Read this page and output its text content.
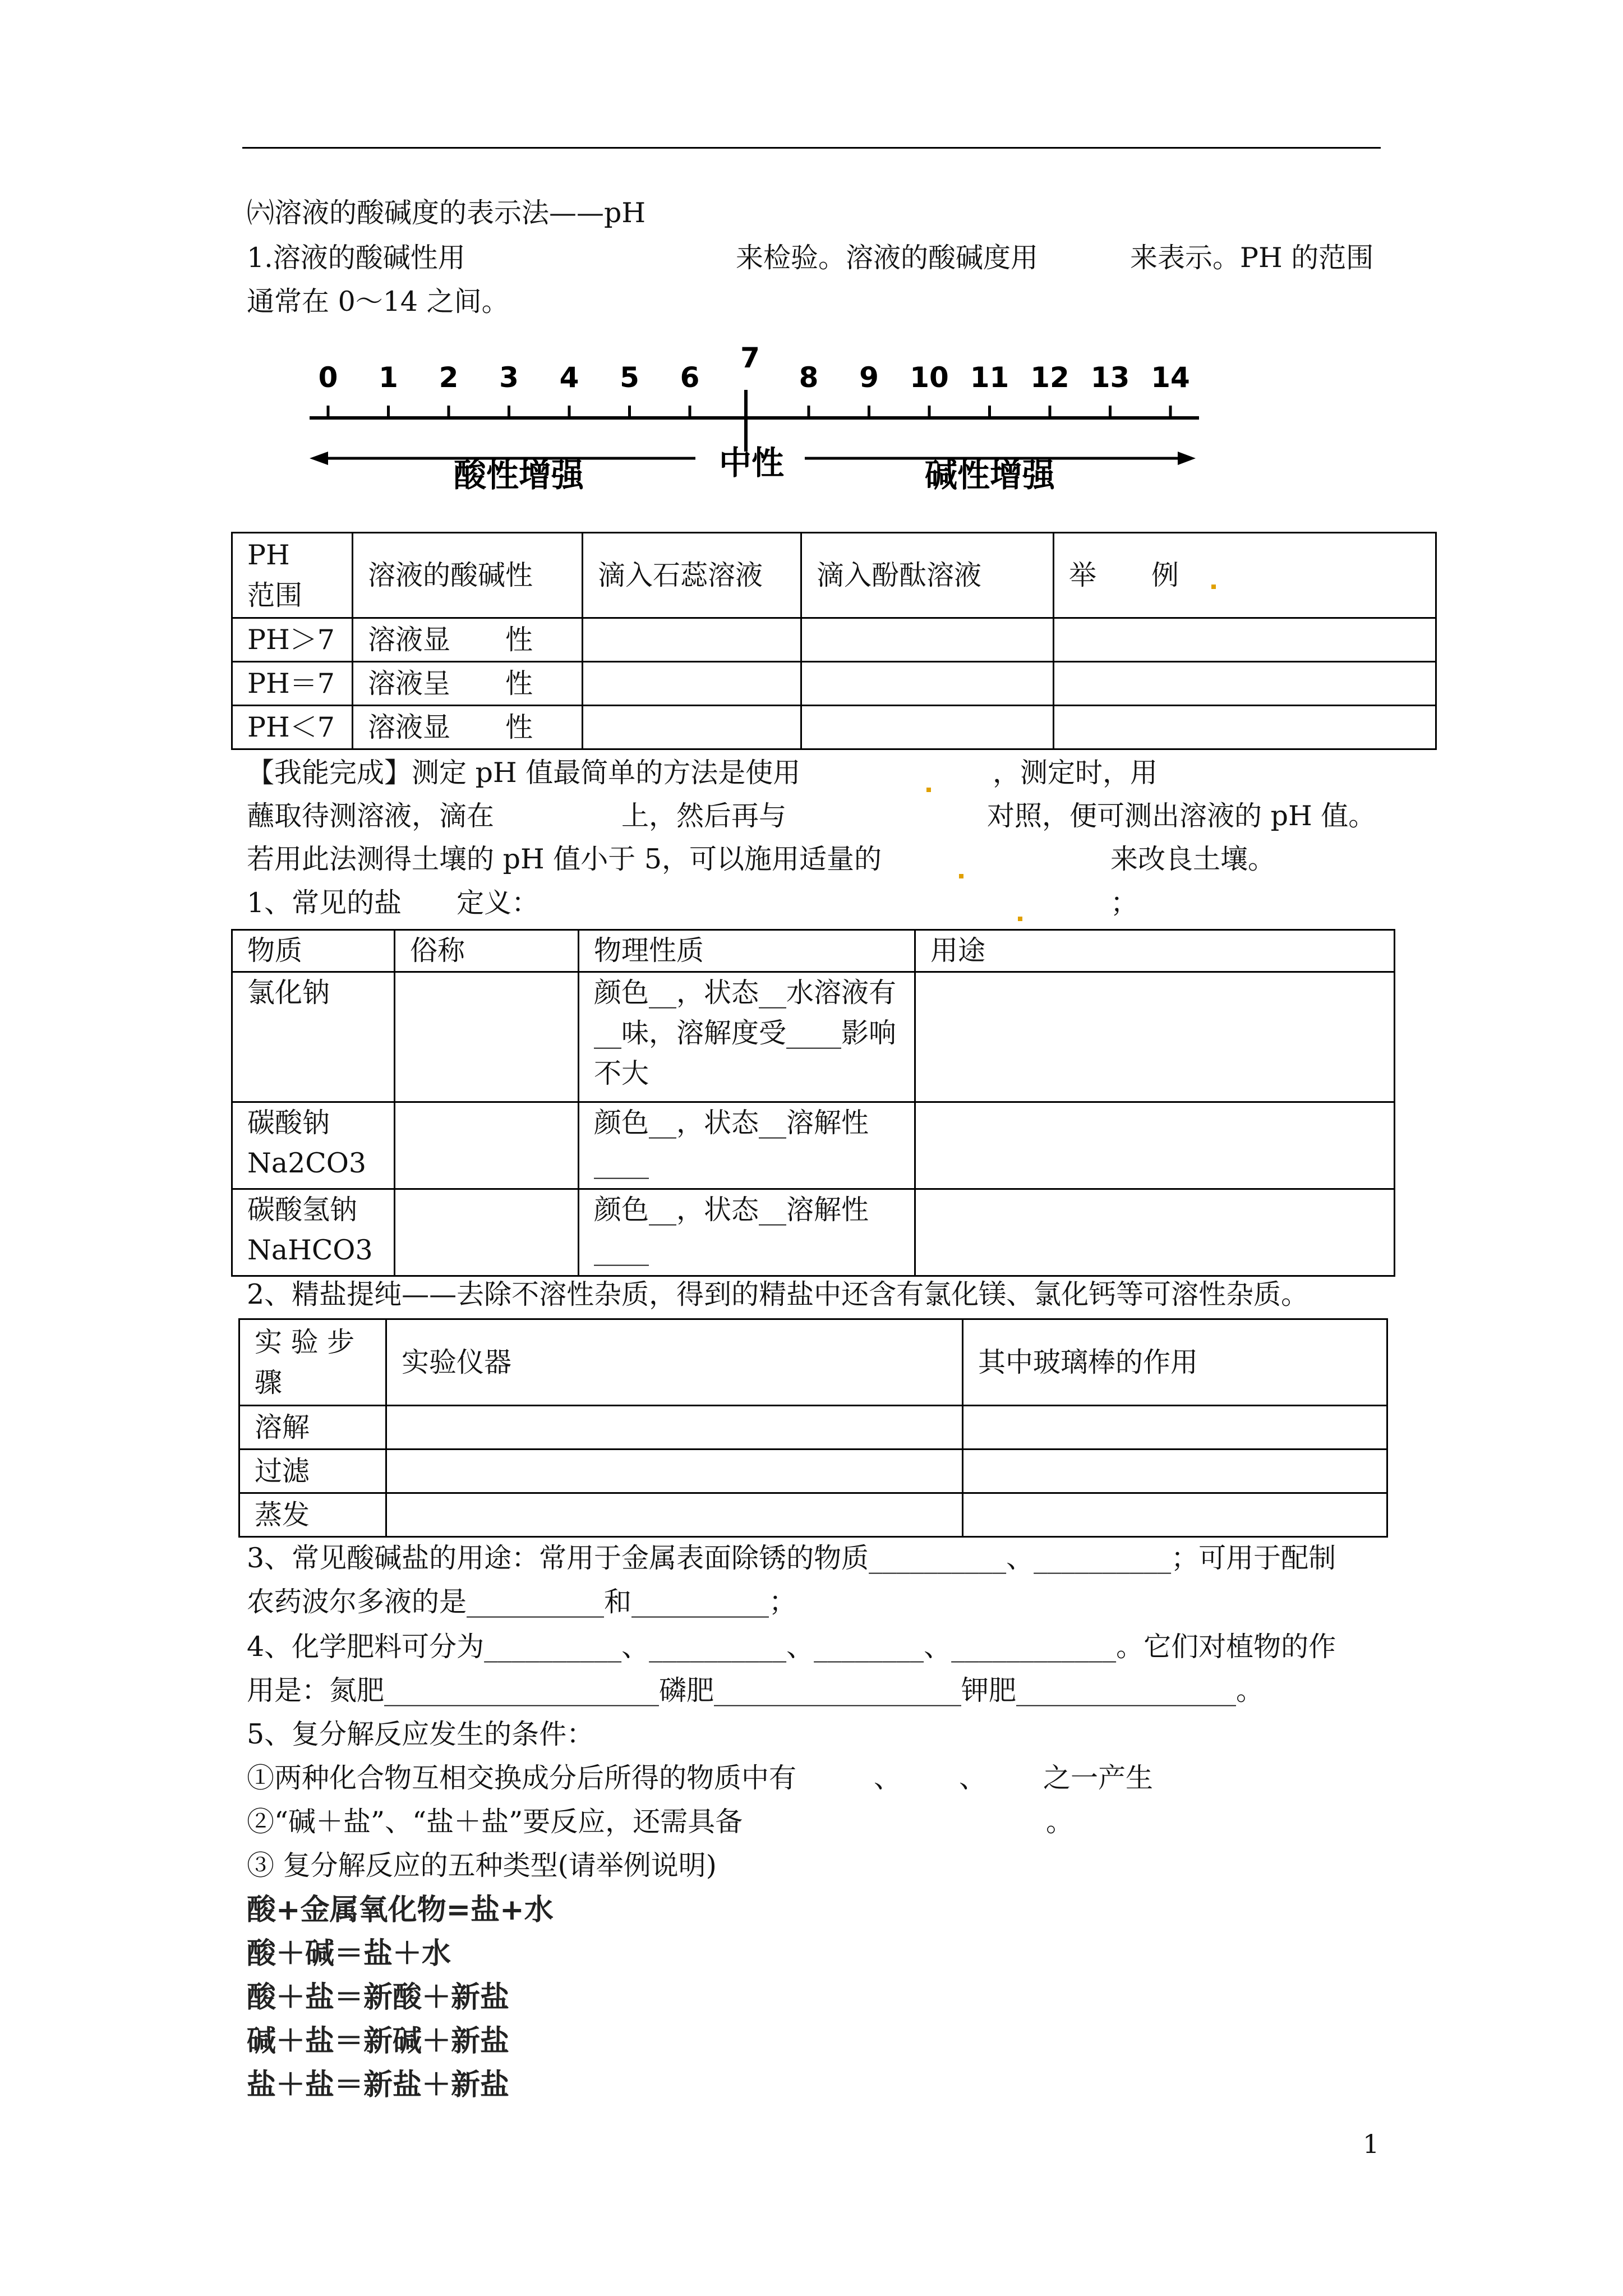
㈥溶液的酸碱度的表示法——pH
1.溶液的酸碱性用	来检验。溶液的酸碱度用	来表示。PH 的范围
通常在 0～14 之间。
0 1 2 3 4 5 6
7
8 9 10 11 12 13 14
酸性增强	中性	碱性增强
PH　范围	溶液的酸碱性	滴入石蕊溶液	滴入酚酞溶液	举　　例
PH＞7	溶液显　　性			
PH＝7	溶液呈　　性			
PH＜7	溶液显　　性			
【我能完成】测定 pH 值最简单的方法是使用	，测定时，用
蘸取待测溶液，滴在	上，然后再与	对照，便可测出溶液的 pH 值。
若用此法测得土壤的 pH 值小于 5，可以施用适量的	来改良土壤。
1、常见的盐　　定义：	；
物质	俗称	物理性质	用途
氯化钠		颜色__，状态__水溶液有__味，溶解度受____影响不大	
碳酸钠 Na2CO3		颜色__，状态__溶解性____	
碳酸氢钠 NaHCO3		颜色__，状态__溶解性____	
2、精盐提纯——去除不溶性杂质，得到的精盐中还含有氯化镁、氯化钙等可溶性杂质。
实 验 步 骤	实验仪器	其中玻璃棒的作用
溶解		
过滤		
蒸发		
3、常见酸碱盐的用途：常用于金属表面除锈的物质__________、__________；可用于配制
农药波尔多液的是__________和__________；
4、化学肥料可分为__________、__________、________、____________。它们对植物的作
用是：氮肥____________________磷肥__________________钾肥________________。
5、复分解反应发生的条件：
①两种化合物互相交换成分后所得的物质中有	、 、 之一产生
②“碱＋盐”、“盐＋盐”要反应，还需具备	。
③ 复分解反应的五种类型(请举例说明)
酸+金属氧化物=盐+水
酸＋碱＝盐＋水
酸＋盐＝新酸＋新盐
碱＋盐＝新碱＋新盐
盐＋盐＝新盐＋新盐
1
